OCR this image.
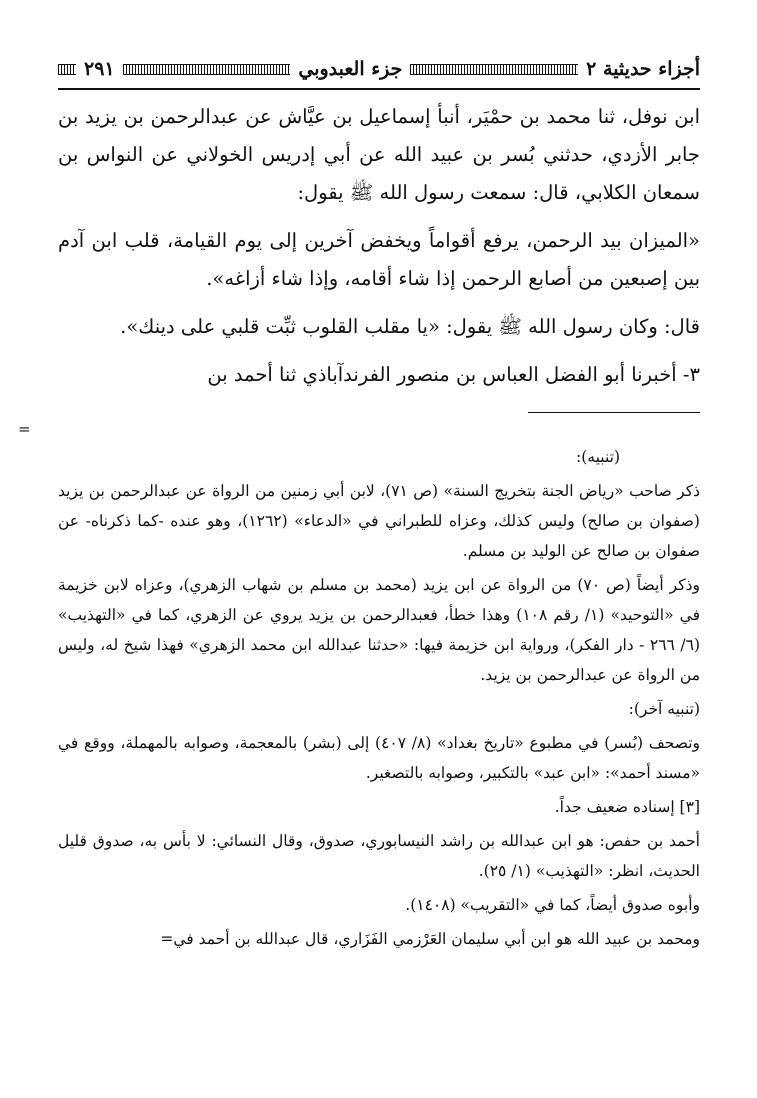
أجزاء حديثية ٢
جزء العبدوبي
٢٩١

ابن نوفل، ثنا محمد بن حمْيَر، أنبأ إسماعيل بن عيَّاش عن عبدالرحمن بن يزيد بن جابر الأزدي، حدثني بُسر بن عبيد الله عن أبي إدريس الخولاني عن النواس بن سمعان الكلابي، قال: سمعت رسول الله ﷺ يقول:

«الميزان بيد الرحمن، يرفع أقواماً ويخفض آخرين إلى يوم القيامة، قلب ابن آدم بين إصبعين من أصابع الرحمن إذا شاء أقامه، وإذا شاء أزاغه».

قال: وكان رسول الله ﷺ يقول: «يا مقلب القلوب ثبِّت قلبي على دينك».

٣- أخبرنا أبو الفضل العباس بن منصور الفرندآباذي ثنا أحمد بن

=

(تنبيه):

ذكر صاحب «رياض الجنة بتخريج السنة» (ص ٧١)، لابن أبي زمنين من الرواة عن عبدالرحمن بن يزيد (صفوان بن صالح) وليس كذلك، وعزاه للطبراني في «الدعاء» (١٢٦٢)، وهو عنده -كما ذكرناه- عن صفوان بن صالح عن الوليد بن مسلم.

وذكر أيضاً (ص ٧٠) من الرواة عن ابن يزيد (محمد بن مسلم بن شهاب الزهري)، وعزاه لابن خزيمة في «التوحيد» (١/ رقم ١٠٨) وهذا خطأ، فعبدالرحمن بن يزيد يروي عن الزهري، كما في «التهذيب» (٦/ ٢٦٦ - دار الفكر)، ورواية ابن خزيمة فيها: «حدثنا عبدالله ابن محمد الزهري» فهذا شيخ له، وليس من الرواة عن عبدالرحمن بن يزيد.

(تنبيه آخر):

وتصحف (بُسر) في مطبوع «تاريخ بغداد» (٨/ ٤٠٧) إلى (بشر) بالمعجمة، وصوابه بالمهملة، ووقع في «مسند أحمد»: «ابن عبد» بالتكبير، وصوابه بالتصغير.

[٣] إسناده ضعيف جداً.

أحمد بن حفص: هو ابن عبدالله بن راشد النيسابوري، صدوق، وقال النسائي: لا بأس به، صدوق قليل الحديث، انظر: «التهذيب» (١/ ٢٥).

وأبوه صدوق أيضاً، كما في «التقريب» (١٤٠٨).

ومحمد بن عبيد الله هو ابن أبي سليمان العَرْزمي الفَزَاري، قال عبدالله بن أحمد في=
